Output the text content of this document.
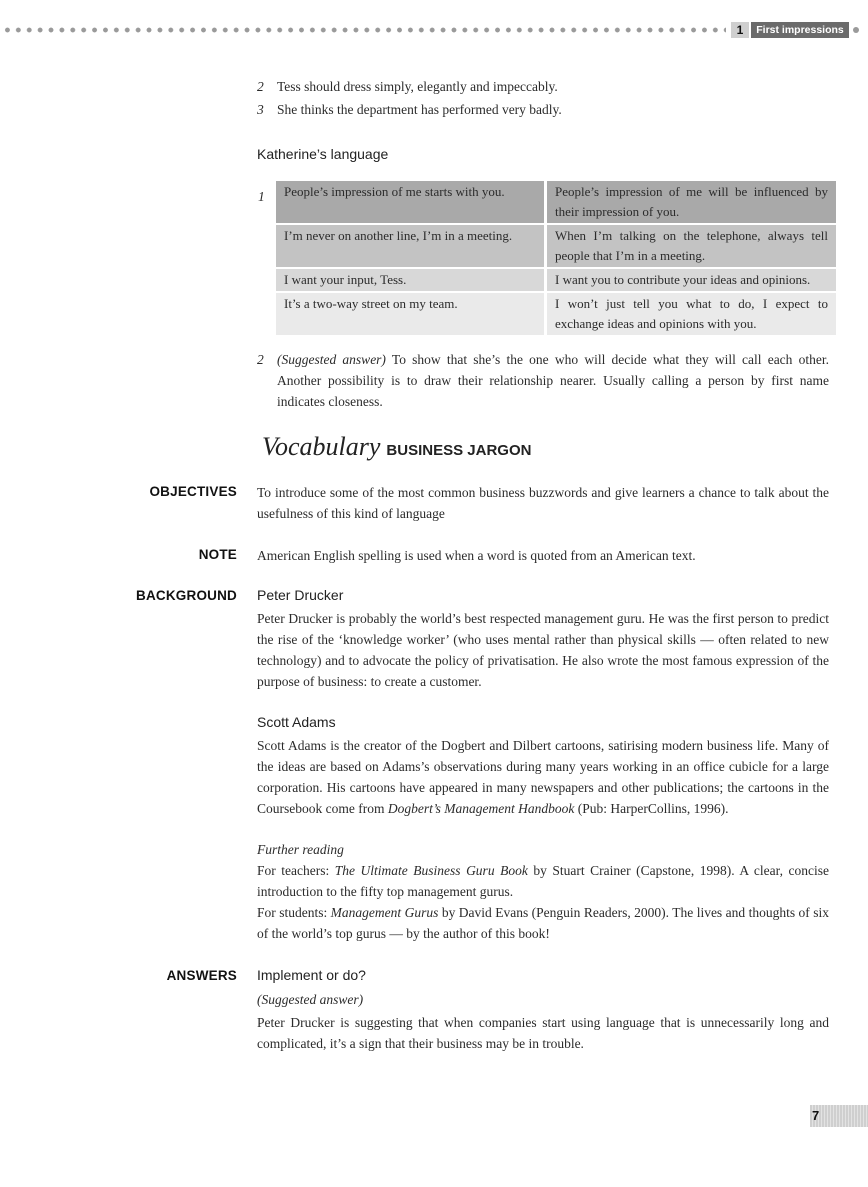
1	First impressions
2 Tess should dress simply, elegantly and impeccably.
3 She thinks the department has performed very badly.
Katherine’s language
1 People’s impression of me starts with you.	People’s impression of me will be influenced by their impression of you.
I’m never on another line, I’m in a meeting.	When I’m talking on the telephone, always tell people that I’m in a meeting.
I want your input, Tess.	I want you to contribute your ideas and opinions.
It’s a two-way street on my team.	I won’t just tell you what to do, I expect to exchange ideas and opinions with you.
2 (Suggested answer) To show that she’s the one who will decide what they will call each other. Another possibility is to draw their relationship nearer. Usually calling a person by first name indicates closeness.
Vocabulary BUSINESS JARGON
OBJECTIVES To introduce some of the most common business buzzwords and give learners a chance to talk about the usefulness of this kind of language
NOTE American English spelling is used when a word is quoted from an American text.
BACKGROUND Peter Drucker
Peter Drucker is probably the world’s best respected management guru. He was the first person to predict the rise of the ‘knowledge worker’ (who uses mental rather than physical skills — often related to new technology) and to advocate the policy of privatisation. He also wrote the most famous expression of the purpose of business: to create a customer.
Scott Adams
Scott Adams is the creator of the Dogbert and Dilbert cartoons, satirising modern business life. Many of the ideas are based on Adams’s observations during many years working in an office cubicle for a large corporation. His cartoons have appeared in many newspapers and other publications; the cartoons in the Coursebook come from Dogbert’s Management Handbook (Pub: HarperCollins, 1996).
Further reading
For teachers: The Ultimate Business Guru Book by Stuart Crainer (Capstone, 1998). A clear, concise introduction to the fifty top management gurus.
For students: Management Gurus by David Evans (Penguin Readers, 2000). The lives and thoughts of six of the world’s top gurus — by the author of this book!
ANSWERS Implement or do?
(Suggested answer)
Peter Drucker is suggesting that when companies start using language that is unnecessarily long and complicated, it’s a sign that their business may be in trouble.
7
